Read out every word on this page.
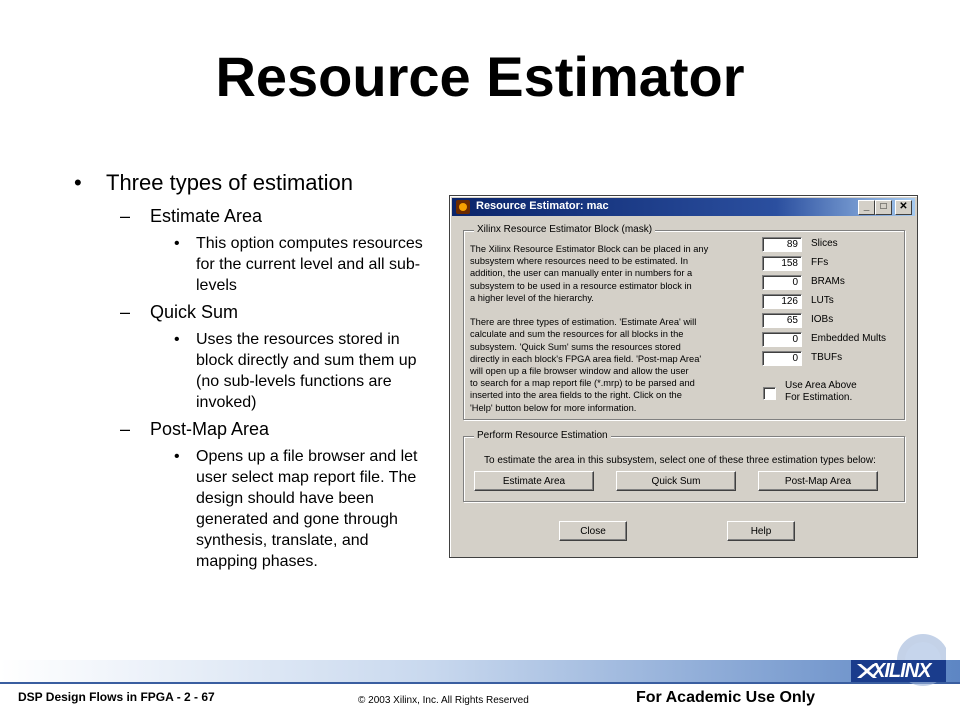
Resource Estimator
• Three types of estimation
– Estimate Area
• This option computes resources for the current level and all sub-levels
– Quick Sum
• Uses the resources stored in block directly and sum them up (no sub-levels functions are invoked)
– Post-Map Area
• Opens up a file browser and let user select map report file. The design should have been generated and gone through synthesis, translate, and mapping phases.
Resource Estimator: mac	_	□	✕
Xilinx Resource Estimator Block (mask)
The Xilinx Resource Estimator Block can be placed in any
subsystem where resources need to be estimated. In
addition, the user can manually enter in numbers for a
subsystem to be used in a resource estimator block in
a higher level of the hierarchy.

There are three types of estimation. 'Estimate Area' will
calculate and sum the resources for all blocks in the
subsystem. 'Quick Sum' sums the resources stored
directly in each block's FPGA area field. 'Post-map Area'
will open up a file browser window and allow the user
to search for a map report file (*.mrp) to be parsed and
inserted into the area fields to the right. Click on the
'Help' button below for more information.
89	Slices
158	FFs
0	BRAMs
126	LUTs
65	IOBs
0	Embedded Mults
0	TBUFs
Use Area Above
For Estimation.
Perform Resource Estimation
To estimate the area in this subsystem, select one of these three estimation types below:
Estimate Area	Quick Sum	Post-Map Area
Close	Help
XILINX
DSP Design Flows in FPGA - 2 - 67	© 2003 Xilinx, Inc. All Rights Reserved	For Academic Use Only
